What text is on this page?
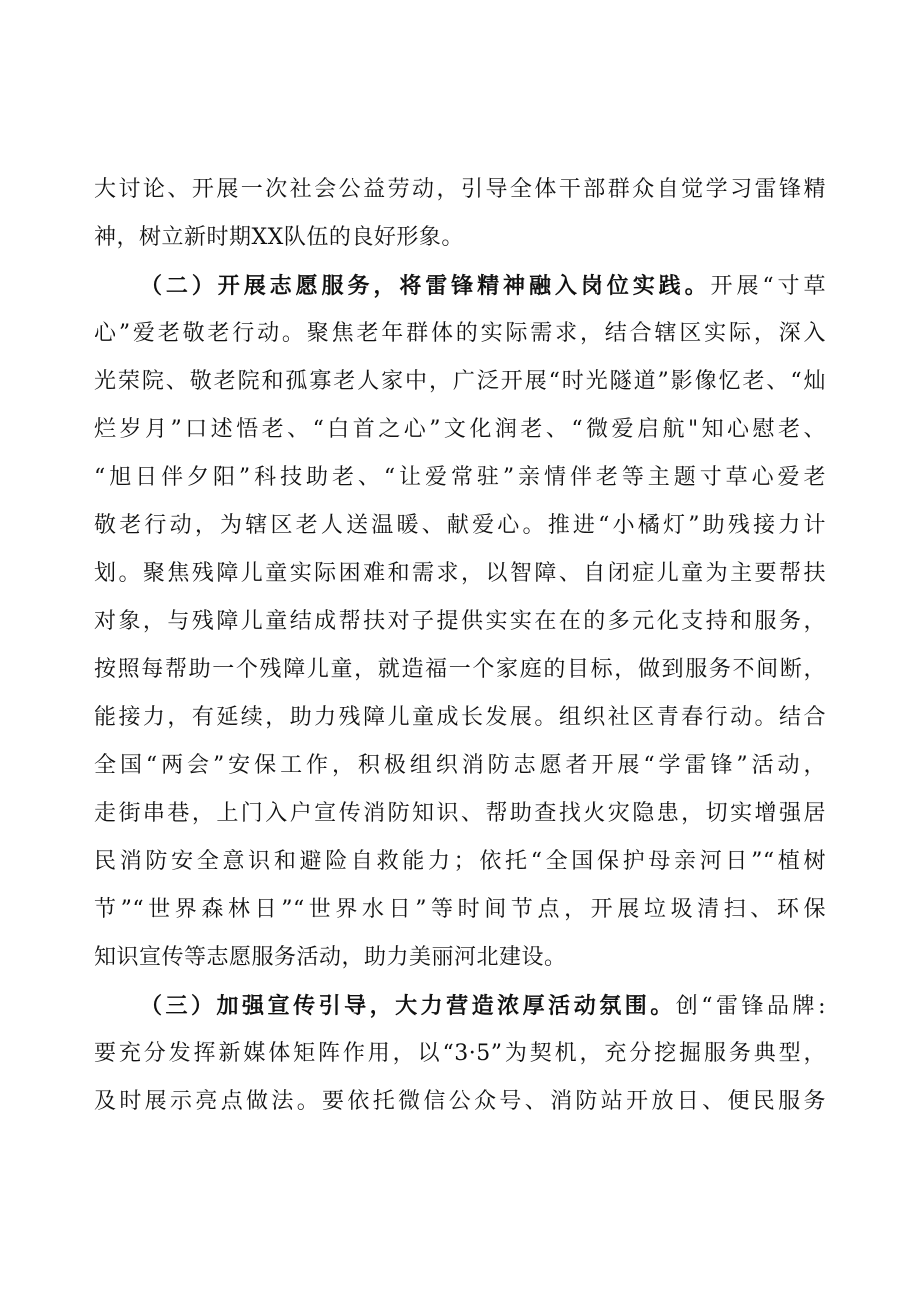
大讨论、开展一次社会公益劳动，引导全体干部群众自觉学习雷锋精
神，树立新时期XX队伍的良好形象。
（二）开展志愿服务，将雷锋精神融入岗位实践。开展“寸草
心”爱老敬老行动。聚焦老年群体的实际需求，结合辖区实际，深入
光荣院、敬老院和孤寡老人家中，广泛开展“时光隧道”影像忆老、“灿
烂岁月”口述悟老、“白首之心”文化润老、“微爱启航"知心慰老、
“旭日伴夕阳”科技助老、“让爱常驻”亲情伴老等主题寸草心爱老
敬老行动，为辖区老人送温暖、献爱心。推进“小橘灯”助残接力计
划。聚焦残障儿童实际困难和需求，以智障、自闭症儿童为主要帮扶
对象，与残障儿童结成帮扶对子提供实实在在的多元化支持和服务，
按照每帮助一个残障儿童，就造福一个家庭的目标，做到服务不间断，
能接力，有延续，助力残障儿童成长发展。组织社区青春行动。结合
全国“两会”安保工作，积极组织消防志愿者开展“学雷锋”活动，
走街串巷，上门入户宣传消防知识、帮助查找火灾隐患，切实增强居
民消防安全意识和避险自救能力；依托“全国保护母亲河日”“植树
节”“世界森林日”“世界水日”等时间节点，开展垃圾清扫、环保
知识宣传等志愿服务活动，助力美丽河北建设。
（三）加强宣传引导，大力营造浓厚活动氛围。创“雷锋品牌:
要充分发挥新媒体矩阵作用，以“3·5”为契机，充分挖掘服务典型，
及时展示亮点做法。要依托微信公众号、消防站开放日、便民服务
